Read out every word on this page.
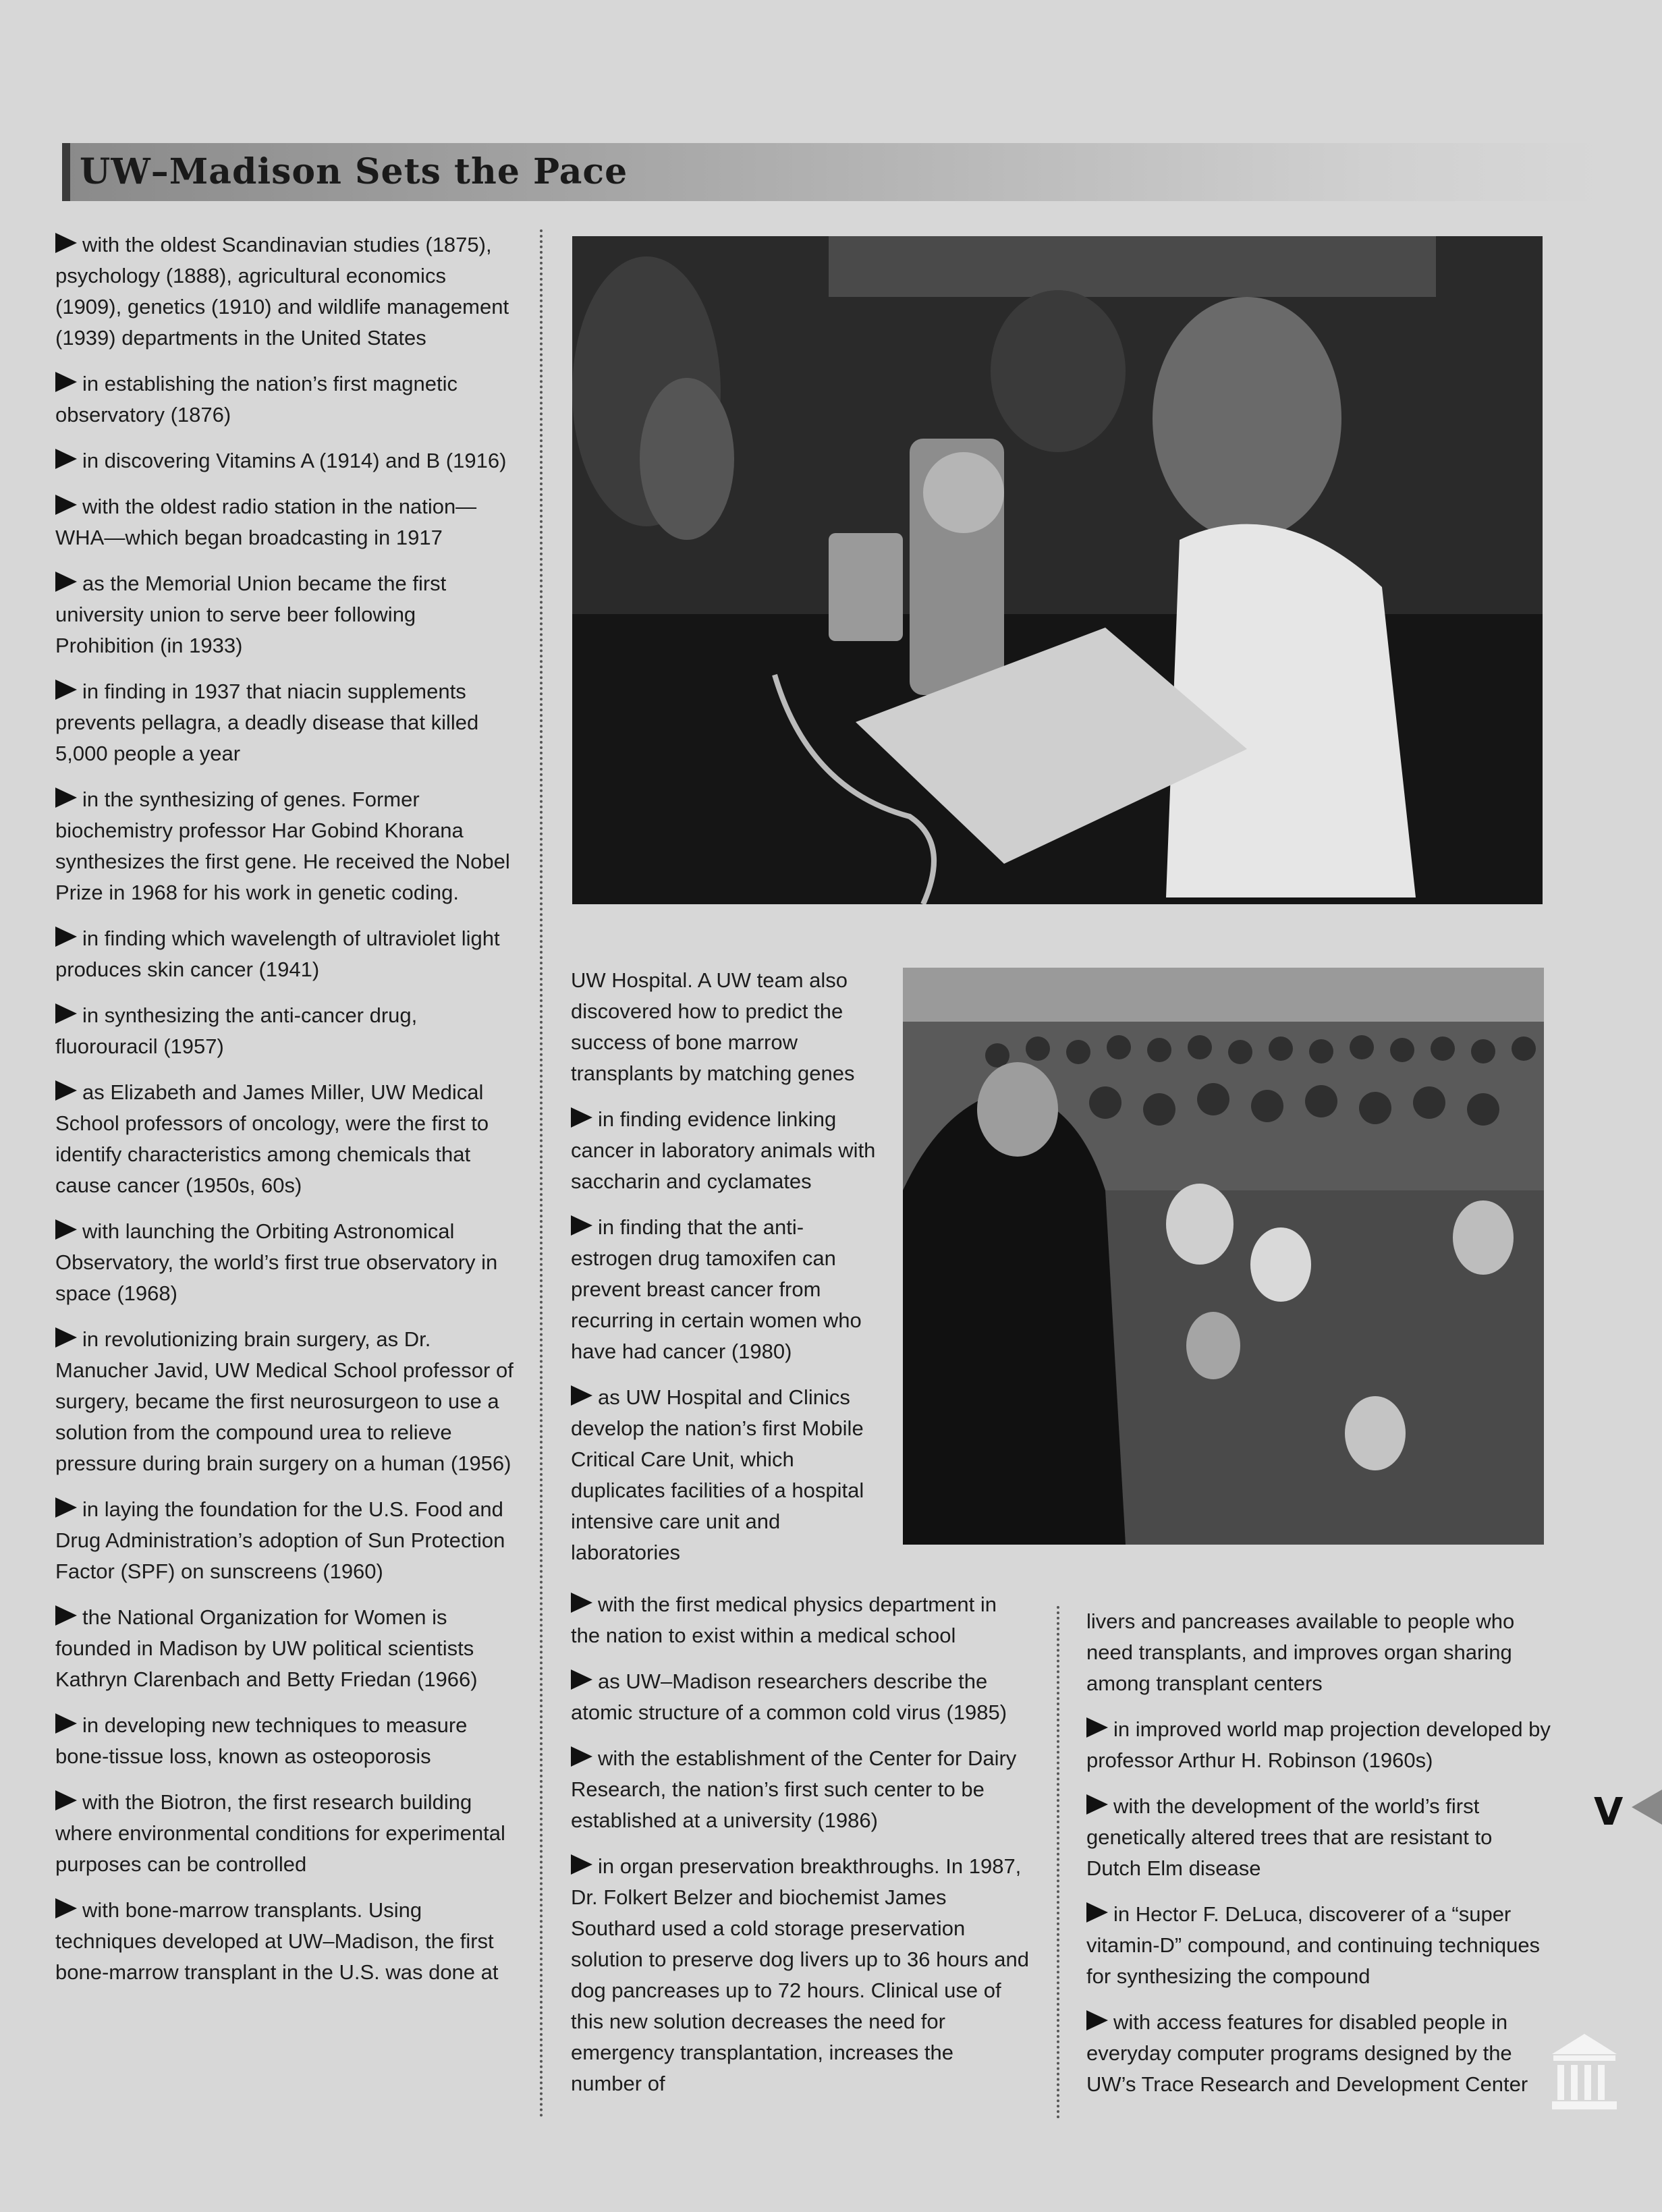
UW–Madison Sets the Pace

with the oldest Scandinavian studies (1875), psychology (1888), agricultural economics (1909), genetics (1910) and wildlife management (1939) departments in the United States

in establishing the nation’s first magnetic observatory (1876)

in discovering Vitamins A (1914) and B (1916)

with the oldest radio station in the nation—WHA—which began broadcasting in 1917

as the Memorial Union became the first university union to serve beer following Prohibition (in 1933)

in finding in 1937 that niacin supplements prevents pellagra, a deadly disease that killed 5,000 people a year

in the synthesizing of genes. Former biochemistry professor Har Gobind Khorana synthesizes the first gene. He received the Nobel Prize in 1968 for his work in genetic coding.

in finding which wavelength of ultraviolet light produces skin cancer (1941)

in synthesizing the anti-cancer drug, fluorouracil (1957)

as Elizabeth and James Miller, UW Medical School professors of oncology, were the first to identify characteristics among chemicals that cause cancer (1950s, 60s)

with launching the Orbiting Astronomical Observatory, the world’s first true observatory in space (1968)

in revolutionizing brain surgery, as Dr. Manucher Javid, UW Medical School professor of surgery, became the first neurosurgeon to use a solution from the compound urea to relieve pressure during brain surgery on a human (1956)

in laying the foundation for the U.S. Food and Drug Administration’s adoption of Sun Protection Factor (SPF) on sunscreens (1960)

the National Organization for Women is founded in Madison by UW political scientists Kathryn Clarenbach and Betty Friedan (1966)

in developing new techniques to measure bone-tissue loss, known as osteoporosis

with the Biotron, the first research building where environmental conditions for experimental purposes can be controlled

with bone-marrow transplants. Using techniques developed at UW–Madison, the first bone-marrow transplant in the U.S. was done at

UW Hospital. A UW team also discovered how to predict the success of bone marrow transplants by matching genes

in finding evidence linking cancer in laboratory animals with saccharin and cyclamates

in finding that the anti-estrogen drug tamoxifen can prevent breast cancer from recurring in certain women who have had cancer (1980)

as UW Hospital and Clinics develop the nation’s first Mobile Critical Care Unit, which duplicates facilities of a hospital intensive care unit and laboratories

with the first medical physics department in the nation to exist within a medical school

as UW–Madison researchers describe the atomic structure of a common cold virus (1985)

with the establishment of the Center for Dairy Research, the nation’s first such center to be established at a university (1986)

in organ preservation breakthroughs. In 1987, Dr. Folkert Belzer and biochemist James Southard used a cold storage preservation solution to preserve dog livers up to 36 hours and dog pancreases up to 72 hours. Clinical use of this new solution decreases the need for emergency transplantation, increases the number of

livers and pancreases available to people who need transplants, and improves organ sharing among transplant centers

in improved world map projection developed by professor Arthur H. Robinson (1960s)

with the development of the world’s first genetically altered trees that are resistant to Dutch Elm disease

in Hector F. DeLuca, discoverer of a “super vitamin-D” compound, and continuing techniques for synthesizing the compound

with access features for disabled people in everyday computer programs designed by the UW’s Trace Research and Development Center

V
